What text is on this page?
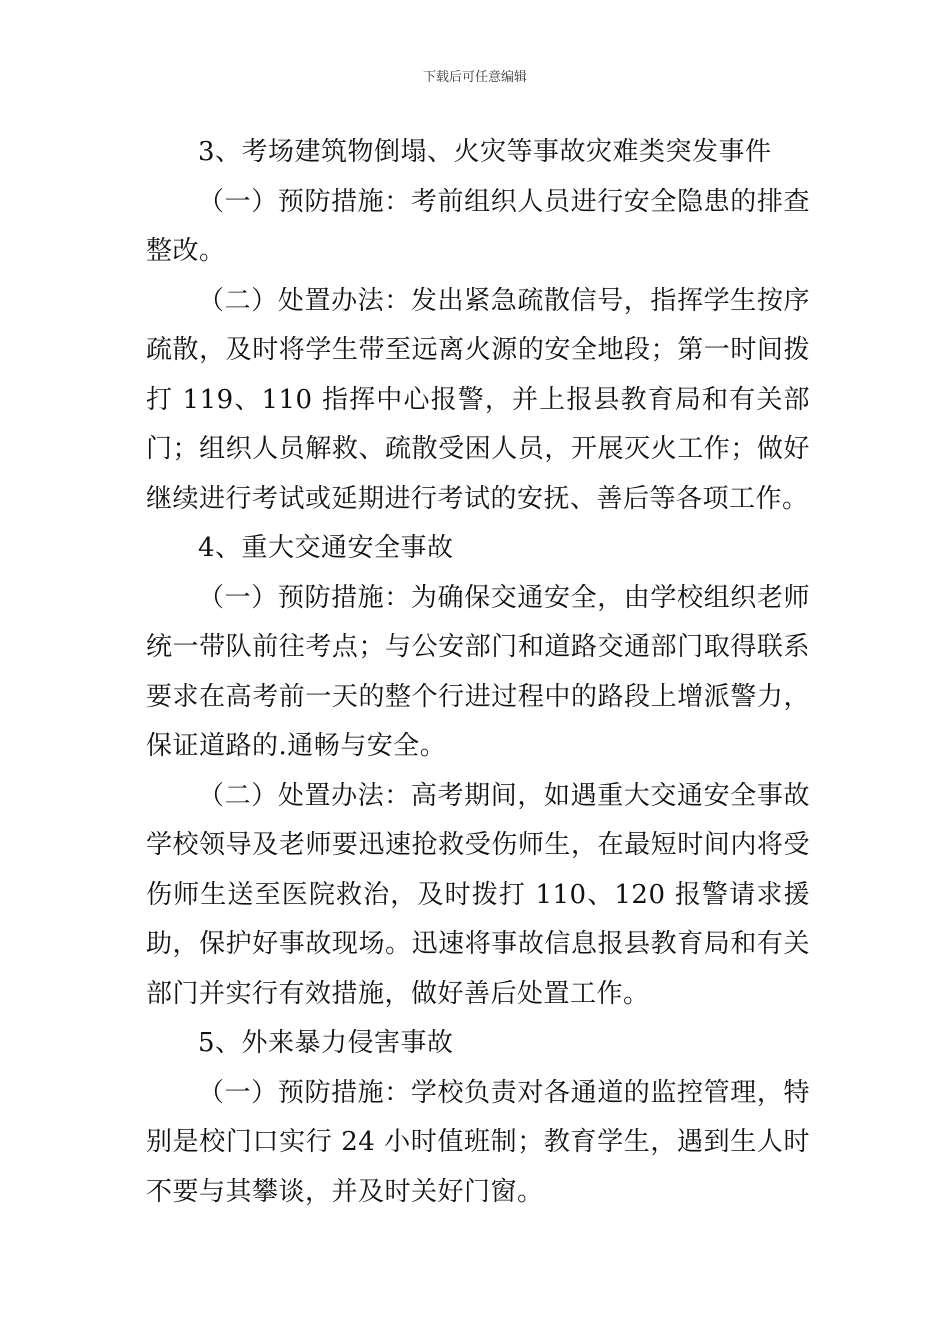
下载后可任意编辑

3、考场建筑物倒塌、火灾等事故灾难类突发事件

（一）预防措施：考前组织人员进行安全隐患的排查整改。

（二）处置办法：发出紧急疏散信号，指挥学生按序疏散，及时将学生带至远离火源的安全地段；第一时间拨打 119、110 指挥中心报警，并上报县教育局和有关部门；组织人员解救、疏散受困人员，开展灭火工作；做好继续进行考试或延期进行考试的安抚、善后等各项工作。

4、重大交通安全事故

（一）预防措施：为确保交通安全，由学校组织老师统一带队前往考点；与公安部门和道路交通部门取得联系要求在高考前一天的整个行进过程中的路段上增派警力，保证道路的.通畅与安全。

（二）处置办法：高考期间，如遇重大交通安全事故学校领导及老师要迅速抢救受伤师生，在最短时间内将受伤师生送至医院救治，及时拨打 110、120 报警请求援助，保护好事故现场。迅速将事故信息报县教育局和有关部门并实行有效措施，做好善后处置工作。

5、外来暴力侵害事故

（一）预防措施：学校负责对各通道的监控管理，特别是校门口实行 24 小时值班制；教育学生，遇到生人时不要与其攀谈，并及时关好门窗。
